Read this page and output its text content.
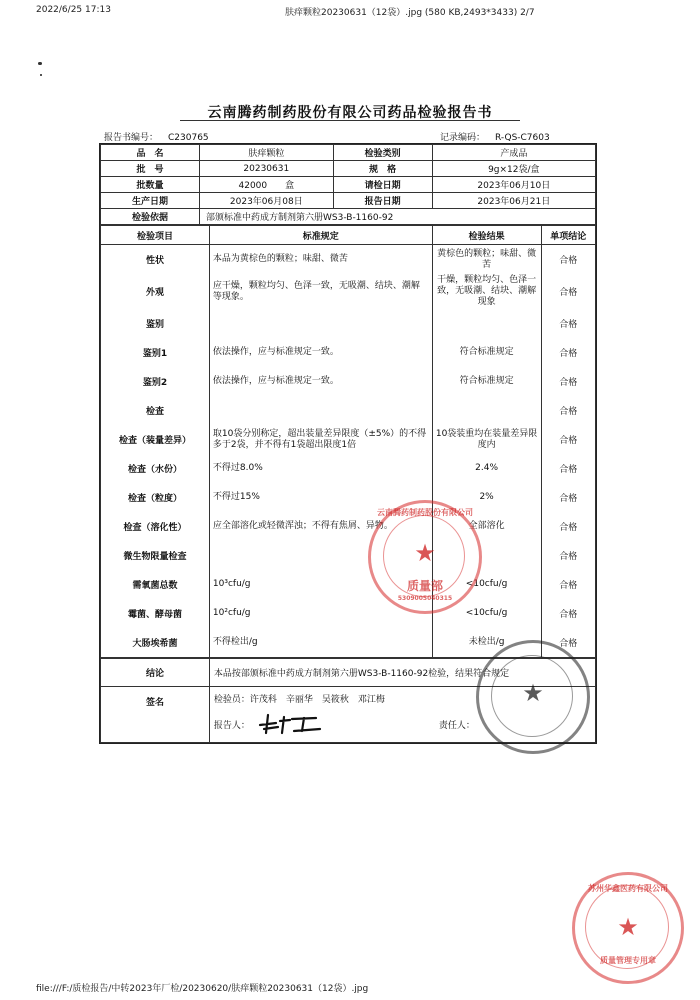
2022/6/25 17:13	肤痒颗粒20230631（12袋）.jpg (580 KB,2493*3433) 2/7
云南腾药制药股份有限公司药品检验报告书
报告书编号： C230765	记录编码： R-QS-C7603
品　名	肤痒颗粒	检验类别	产成品
批　号	20230631	规　格	9g×12袋/盒
批数量	42000　　盒	请检日期	2023年06月10日
生产日期	2023年06月08日	报告日期	2023年06月21日
检验依据	部颁标准中药成方制剂第六册WS3-B-1160-92		
检验项目	标准规定	检验结果	单项结论
性状	本品为黄棕色的颗粒；味甜、微苦	黄棕色的颗粒；味甜、微苦	合格
外观	应干燥，颗粒均匀、色泽一致，无吸潮、结块、潮解等现象。	干燥，颗粒均匀、色泽一致，无吸潮、结块、潮解现象	合格
鉴别			合格
鉴别1	依法操作，应与标准规定一致。	符合标准规定	合格
鉴别2	依法操作，应与标准规定一致。	符合标准规定	合格
检查			合格
检查（装量差异）	取10袋分别称定，超出装量差异限度（±5%）的不得多于2袋，并不得有1袋超出限度1倍	10袋装重均在装量差异限度内	合格
检查（水份）	不得过8.0%	2.4%	合格
检查（粒度）	不得过15%	2%	合格
检查（溶化性）	应全部溶化或轻微浑浊；不得有焦屑、异物。	全部溶化	合格
微生物限量检查			合格
需氧菌总数	10³cfu/g	<10cfu/g	合格
霉菌、酵母菌	10²cfu/g	<10cfu/g	合格
大肠埃希菌	不得检出/g	未检出/g	合格
结论	本品按部颁标准中药成方制剂第六册WS3-B-1160-92检验，结果符合规定
签名	检验员：许茂科　辛丽华　吴筱秋　邓江梅
报告人： 责任人：
★
云南腾药制药股份有限公司
质量部
5309005040315
★
★
苏州华鑫医药有限公司
质量管理专用章
file:///F:/质检报告/中转2023年厂检/20230620/肤痒颗粒20230631（12袋）.jpg
